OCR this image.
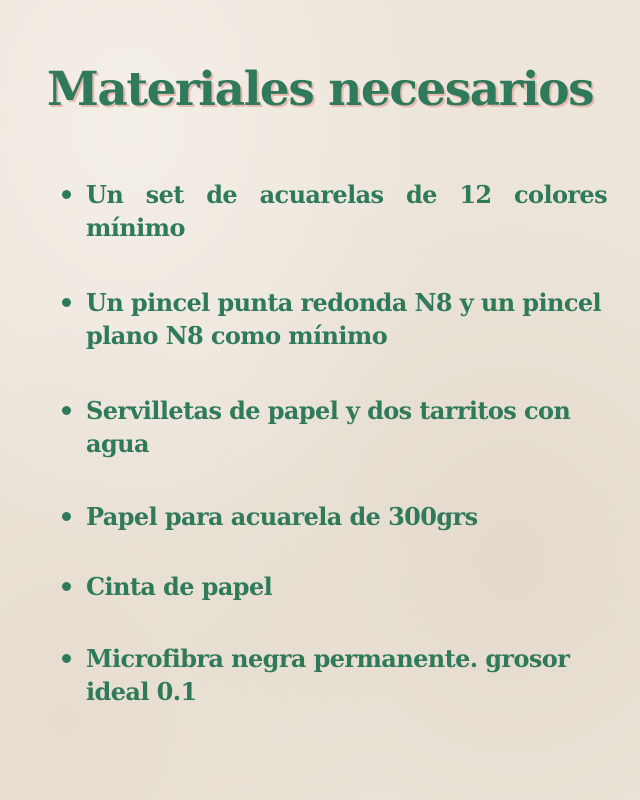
Materiales necesarios
Un set de acuarelas de 12 colores mínimo
Un pincel punta redonda N8 y un pincel plano N8 como mínimo
Servilletas de papel y dos tarritos con agua
Papel para acuarela de 300grs
Cinta de papel
Microfibra negra permanente. grosor ideal 0.1
